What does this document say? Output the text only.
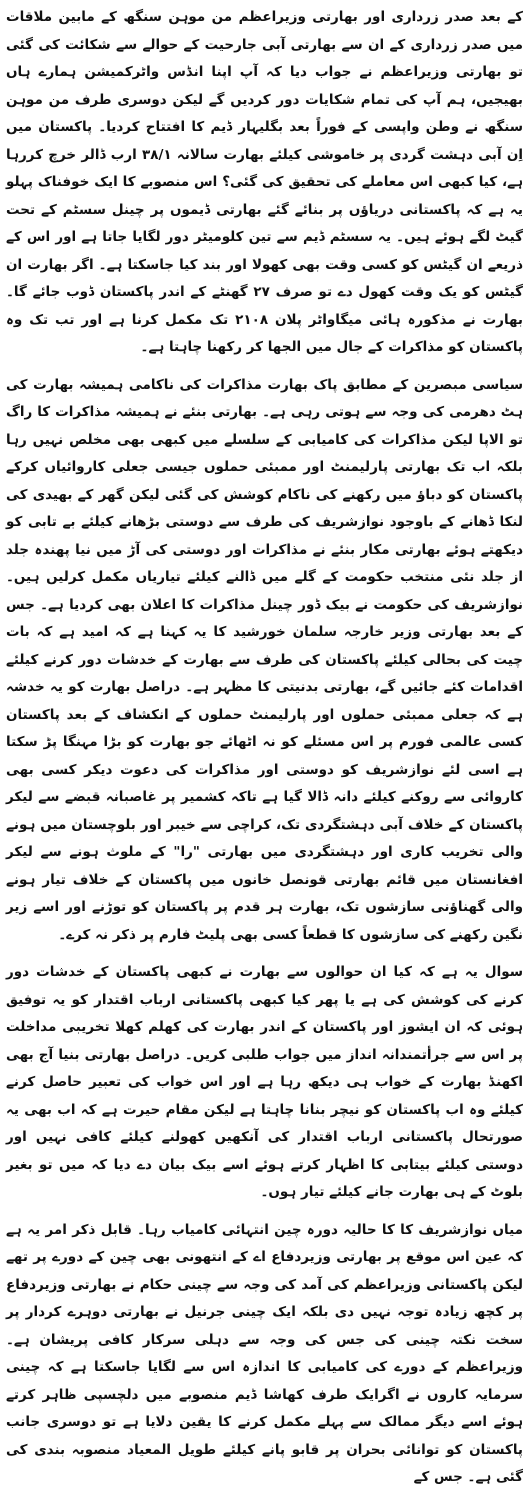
کے بعد صدر زرداری اور بھارتی وزیراعظم من موہن سنگھ کے مابین ملاقات میں صدر زرداری کے ان سے بھارتی آبی جارحیت کے حوالے سے شکائت کی گئی تو بھارتی وزیراعظم نے جواب دیا کہ آپ اپنا انڈس واٹرکمیشن ہمارے ہاں بھیجیں، ہم آپ کی تمام شکایات دور کردیں گے لیکن دوسری طرف من موہن سنگھ نے وطن واپسی کے فوراً بعد بگلیہار ڈیم کا افتتاح کردیا۔ پاکستان میں اِن آبی دہشت گردی پر خاموشی کیلئے بھارت سالانہ ۳۸/۱ ارب ڈالر خرچ کررہا ہے، کیا کبھی اس معاملے کی تحقیق کی گئی؟ اس منصوبے کا ایک خوفناک پہلو یہ ہے کہ پاکستانی دریاؤں پر بنائے گئے بھارتی ڈیموں پر چینل سسٹم کے تحت گیٹ لگے ہوئے ہیں۔ یہ سسٹم ڈیم سے تین کلومیٹر دور لگایا جاتا ہے اور اس کے ذریعے ان گیٹس کو کسی وقت بھی کھولا اور بند کیا جاسکتا ہے۔ اگر بھارت ان گیٹس کو یک وقت کھول دے تو صرف ۲۷ گھنٹے کے اندر پاکستان ڈوب جائے گا۔ بھارت نے مذکورہ ہائی میگاواٹر پلان ۲۱۰۸ تک مکمل کرنا ہے اور تب تک وہ پاکستان کو مذاکرات کے جال میں الجھا کر رکھنا چاہتا ہے۔

سیاسی مبصرین کے مطابق پاک بھارت مذاکرات کی ناکامی ہمیشہ بھارت کی ہٹ دھرمی کی وجہ سے ہوتی رہی ہے۔ بھارتی بنئے نے ہمیشہ مذاکرات کا راگ تو الاپا لیکن مذاکرات کی کامیابی کے سلسلے میں کبھی بھی مخلص نہیں رہا بلکہ اب تک بھارتی پارلیمنٹ اور ممبئی حملوں جیسی جعلی کاروائیاں کرکے پاکستان کو دباؤ میں رکھنے کی ناکام کوشش کی گئی لیکن گھر کے بھیدی کی لنکا ڈھانے کے باوجود نوازشریف کی طرف سے دوستی بڑھانے کیلئے بے تابی کو دیکھتے ہوئے بھارتی مکار بنئے نے مذاکرات اور دوستی کی آڑ میں نیا پھندہ جلد از جلد نئی منتخب حکومت کے گلے میں ڈالنے کیلئے تیاریاں مکمل کرلیں ہیں۔ نوازشریف کی حکومت نے بیک ڈور چینل مذاکرات کا اعلان بھی کردیا ہے۔ جس کے بعد بھارتی وزیر خارجہ سلمان خورشید کا یہ کہنا ہے کہ امید ہے کہ بات چیت کی بحالی کیلئے پاکستان کی طرف سے بھارت کے خدشات دور کرنے کیلئے اقدامات کئے جائیں گے، بھارتی بدنیتی کا مظہر ہے۔ دراصل بھارت کو یہ خدشہ ہے کہ جعلی ممبئی حملوں اور پارلیمنٹ حملوں کے انکشاف کے بعد پاکستان کسی عالمی فورم پر اس مسئلے کو نہ اٹھائے جو بھارت کو بڑا مہنگا پڑ سکتا ہے اسی لئے نوازشریف کو دوستی اور مذاکرات کی دعوت دیکر کسی بھی کاروائی سے روکنے کیلئے دانہ ڈالا گیا ہے تاکہ کشمیر پر غاصبانہ قبضے سے لیکر پاکستان کے خلاف آبی دہشتگردی تک، کراچی سے خیبر اور بلوچستان میں ہونے والی تخریب کاری اور دہشتگردی میں بھارتی "را" کے ملوث ہونے سے لیکر افغانستان میں قائم بھارتی قونصل خانوں میں پاکستان کے خلاف تیار ہونے والی گھناؤنی سازشوں تک، بھارت ہر قدم پر پاکستان کو توڑنے اور اسے زیر نگین رکھنے کی سازشوں کا قطعاً کسی بھی پلیٹ فارم پر ذکر نہ کرے۔

سوال یہ ہے کہ کیا ان حوالوں سے بھارت نے کبھی پاکستان کے خدشات دور کرنے کی کوشش کی ہے یا پھر کیا کبھی پاکستانی ارباب اقتدار کو یہ توفیق ہوئی کہ ان ایشوز اور پاکستان کے اندر بھارت کی کھلم کھلا تخریبی مداخلت پر اس سے جرأتمندانہ انداز میں جواب طلبی کریں۔ دراصل بھارتی بنیا آج بھی اکھنڈ بھارت کے خواب ہی دیکھ رہا ہے اور اس خواب کی تعبیر حاصل کرنے کیلئے وہ اب پاکستان کو نیچر بنانا چاہتا ہے لیکن مقام حیرت ہے کہ اب بھی یہ صورتحال پاکستانی ارباب اقتدار کی آنکھیں کھولنے کیلئے کافی نہیں اور دوستی کیلئے بیتابی کا اظہار کرتے ہوئے اسے بیک بیان دے دیا کہ میں تو بغیر بلوٹ کے ہی بھارت جانے کیلئے تیار ہوں۔

میاں نوازشریف کا کا حالیہ دورہ چین انتہائی کامیاب رہا۔ قابل ذکر امر یہ ہے کہ عین اس موقع پر بھارتی وزیردفاع اے کے انتھونی بھی چین کے دورے پر تھے لیکن پاکستانی وزیراعظم کی آمد کی وجہ سے چینی حکام نے بھارتی وزیردفاع پر کچھ زیادہ توجہ نہیں دی بلکہ ایک چینی جرنیل نے بھارتی دوہرے کردار پر سخت نکتہ چینی کی جس کی وجہ سے دہلی سرکار کافی پریشان ہے۔ وزیراعظم کے دورے کی کامیابی کا اندازہ اس سے لگایا جاسکتا ہے کہ چینی سرمایہ کاروں نے اگرایک طرف کھاشا ڈیم منصوبے میں دلچسپی ظاہر کرتے ہوئے اسے دیگر ممالک سے پہلے مکمل کرنے کا یقین دلایا ہے تو دوسری جانب پاکستان کو توانائی بحران پر قابو پانے کیلئے طویل المعیاد منصوبہ بندی کی گئی ہے۔ جس کے
